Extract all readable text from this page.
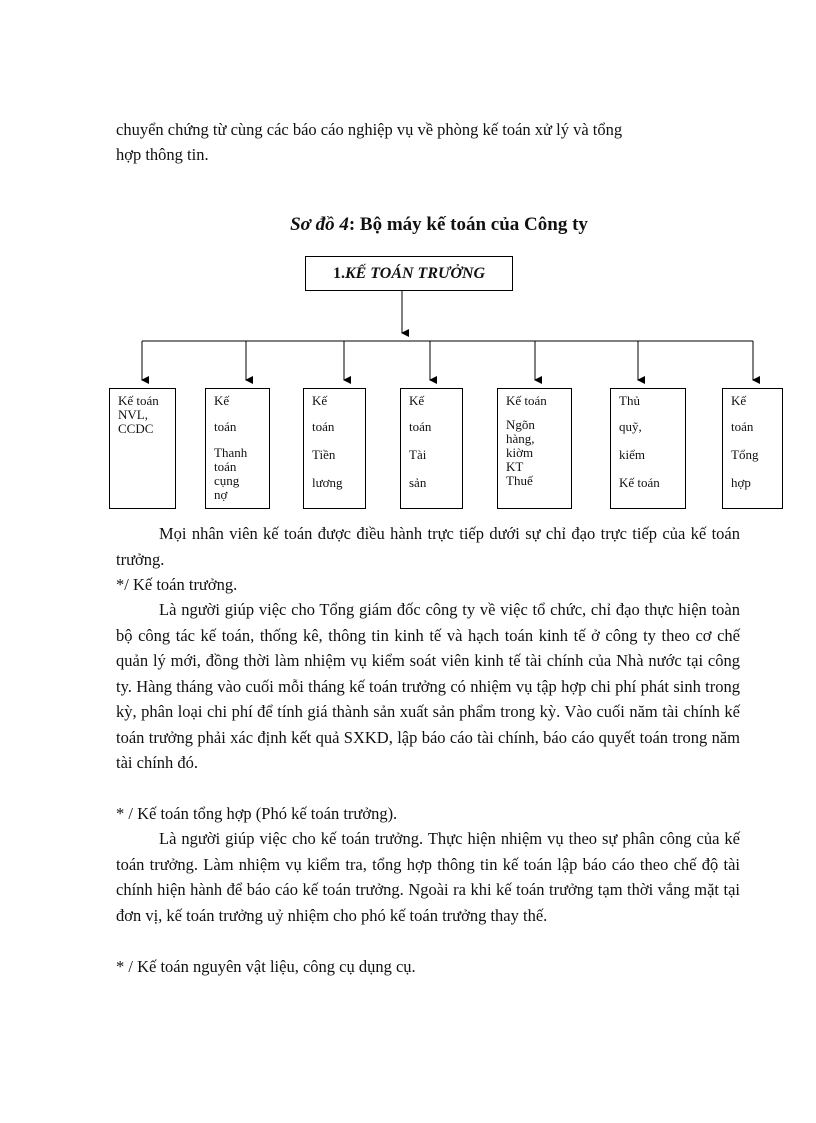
chuyển chứng từ cùng các báo cáo nghiệp vụ về phòng kế toán xử lý và tổng

hợp thông tin.

Sơ đồ 4: Bộ máy kế toán của Công ty
1.KẾ TOÁN TRƯỞNG
Kế toán
NVL,
CCDC
Kế
toán
Thanh
toán
cụng
nợ
Kế
toán
Tiền
lương
Kế
toán
Tài
sản
Kế toán
Ngõn
hàng,
kiờm
KT
Thuế
Thủ
quỹ,
kiểm
Kế toán
Kế
toán
Tổng
hợp

Mọi nhân viên kế toán được điều hành trực tiếp dưới sự chỉ đạo trực tiếp của kế toán trưởng.

*/ Kế toán trưởng.

Là người giúp việc cho Tổng giám đốc công ty về việc tổ chức, chỉ đạo thực hiện toàn bộ công tác kế toán, thống kê, thông tin kinh tế và hạch toán kinh tế ở công ty theo cơ chế quản lý mới, đồng thời làm nhiệm vụ kiểm soát viên kinh tế tài chính của Nhà nước tại công ty. Hàng tháng vào cuối mỗi tháng kế toán trưởng có nhiệm vụ tập hợp chi phí phát sinh trong kỳ, phân loại chi phí để tính giá thành sản xuất sản phẩm trong kỳ. Vào cuối năm tài chính kế toán trưởng phải xác định kết quả SXKD, lập báo cáo tài chính, báo cáo quyết toán trong năm tài chính đó.

* / Kế toán tổng hợp (Phó kế toán trưởng).

Là người giúp việc cho kế toán trưởng. Thực hiện nhiệm vụ theo sự phân công của kế toán trưởng. Làm nhiệm vụ kiểm tra, tổng hợp thông tin kế toán lập báo cáo theo chế độ tài chính hiện hành để báo cáo kế toán trưởng. Ngoài ra khi kế toán trưởng tạm thời vắng mặt tại đơn vị, kế toán trưởng uỷ nhiệm cho phó kế toán trưởng thay thế.

* / Kế toán nguyên vật liệu, công cụ dụng cụ.
